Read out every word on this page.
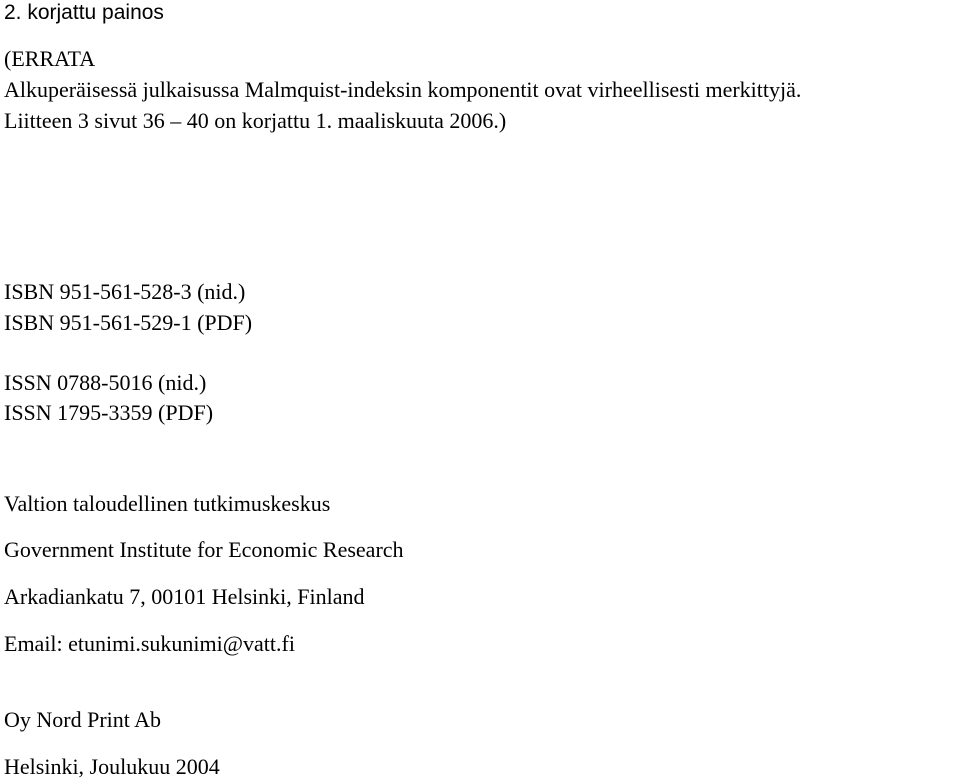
2. korjattu painos

(ERRATA

Alkuperäisessä julkaisussa Malmquist-indeksin komponentit ovat virheellisesti merkittyjä.

Liitteen 3 sivut 36 – 40 on korjattu 1. maaliskuuta 2006.)

ISBN 951-561-528-3 (nid.)

ISBN 951-561-529-1 (PDF)

ISSN 0788-5016 (nid.)

ISSN 1795-3359 (PDF)

Valtion taloudellinen tutkimuskeskus

Government Institute for Economic Research

Arkadiankatu 7, 00101 Helsinki, Finland

Email: etunimi.sukunimi@vatt.fi

Oy Nord Print Ab

Helsinki, Joulukuu 2004
